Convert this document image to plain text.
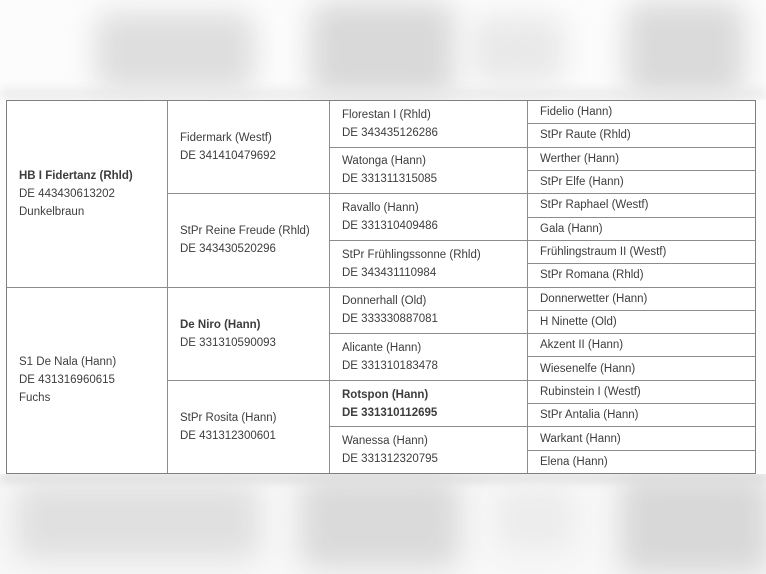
HB I Fidertanz (Rhld)
DE 443430613202
Dunkelbraun
S1 De Nala (Hann)
DE 431316960615
Fuchs
Fidermark (Westf)
DE 341410479692
StPr Reine Freude (Rhld)
DE 343430520296
De Niro (Hann)
DE 331310590093
StPr Rosita (Hann)
DE 431312300601
Florestan I (Rhld)
DE 343435126286
Watonga (Hann)
DE 331311315085
Ravallo (Hann)
DE 331310409486
StPr Frühlingssonne (Rhld)
DE 343431110984
Donnerhall (Old)
DE 333330887081
Alicante (Hann)
DE 331310183478
Rotspon (Hann)
DE 331310112695
Wanessa (Hann)
DE 331312320795
Fidelio (Hann)
StPr Raute (Rhld)
Werther (Hann)
StPr Elfe (Hann)
StPr Raphael (Westf)
Gala (Hann)
Frühlingstraum II (Westf)
StPr Romana (Rhld)
Donnerwetter (Hann)
H Ninette (Old)
Akzent II (Hann)
Wiesenelfe (Hann)
Rubinstein I (Westf)
StPr Antalia (Hann)
Warkant (Hann)
Elena (Hann)
